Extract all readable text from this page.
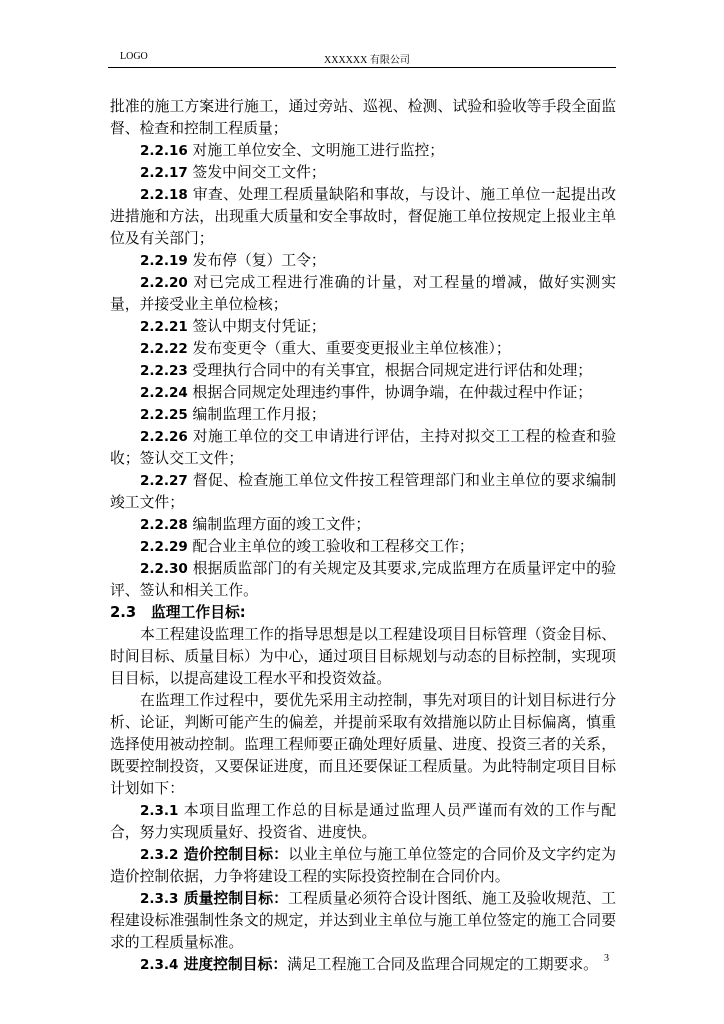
LOGO	XXXXXX 有限公司

批准的施工方案进行施工，通过旁站、巡视、检测、试验和验收等手段全面监督、检查和控制工程质量；

2.2.16 对施工单位安全、文明施工进行监控；

2.2.17 签发中间交工文件；

2.2.18 审查、处理工程质量缺陷和事故，与设计、施工单位一起提出改进措施和方法，出现重大质量和安全事故时，督促施工单位按规定上报业主单位及有关部门；

2.2.19 发布停（复）工令；

2.2.20 对已完成工程进行准确的计量，对工程量的增减，做好实测实量，并接受业主单位检核；

2.2.21 签认中期支付凭证；

2.2.22 发布变更令（重大、重要变更报业主单位核准）；

2.2.23 受理执行合同中的有关事宜，根据合同规定进行评估和处理；

2.2.24 根据合同规定处理违约事件，协调争端，在仲裁过程中作证；

2.2.25 编制监理工作月报；

2.2.26 对施工单位的交工申请进行评估，主持对拟交工工程的检查和验收；签认交工文件；

2.2.27 督促、检查施工单位文件按工程管理部门和业主单位的要求编制竣工文件；

2.2.28 编制监理方面的竣工文件；

2.2.29 配合业主单位的竣工验收和工程移交工作；

2.2.30 根据质监部门的有关规定及其要求,完成监理方在质量评定中的验评、签认和相关工作。

2.3　监理工作目标:

本工程建设监理工作的指导思想是以工程建设项目目标管理（资金目标、时间目标、质量目标）为中心，通过项目目标规划与动态的目标控制，实现项目目标，以提高建设工程水平和投资效益。

在监理工作过程中，要优先采用主动控制，事先对项目的计划目标进行分析、论证，判断可能产生的偏差，并提前采取有效措施以防止目标偏离，慎重选择使用被动控制。监理工程师要正确处理好质量、进度、投资三者的关系，既要控制投资，又要保证进度，而且还要保证工程质量。为此特制定项目目标计划如下：

2.3.1 本项目监理工作总的目标是通过监理人员严谨而有效的工作与配合，努力实现质量好、投资省、进度快。

2.3.2 造价控制目标：以业主单位与施工单位签定的合同价及文字约定为造价控制依据，力争将建设工程的实际投资控制在合同价内。

2.3.3 质量控制目标：工程质量必须符合设计图纸、施工及验收规范、工程建设标准强制性条文的规定，并达到业主单位与施工单位签定的施工合同要求的工程质量标准。

2.3.4 进度控制目标：满足工程施工合同及监理合同规定的工期要求。 3
